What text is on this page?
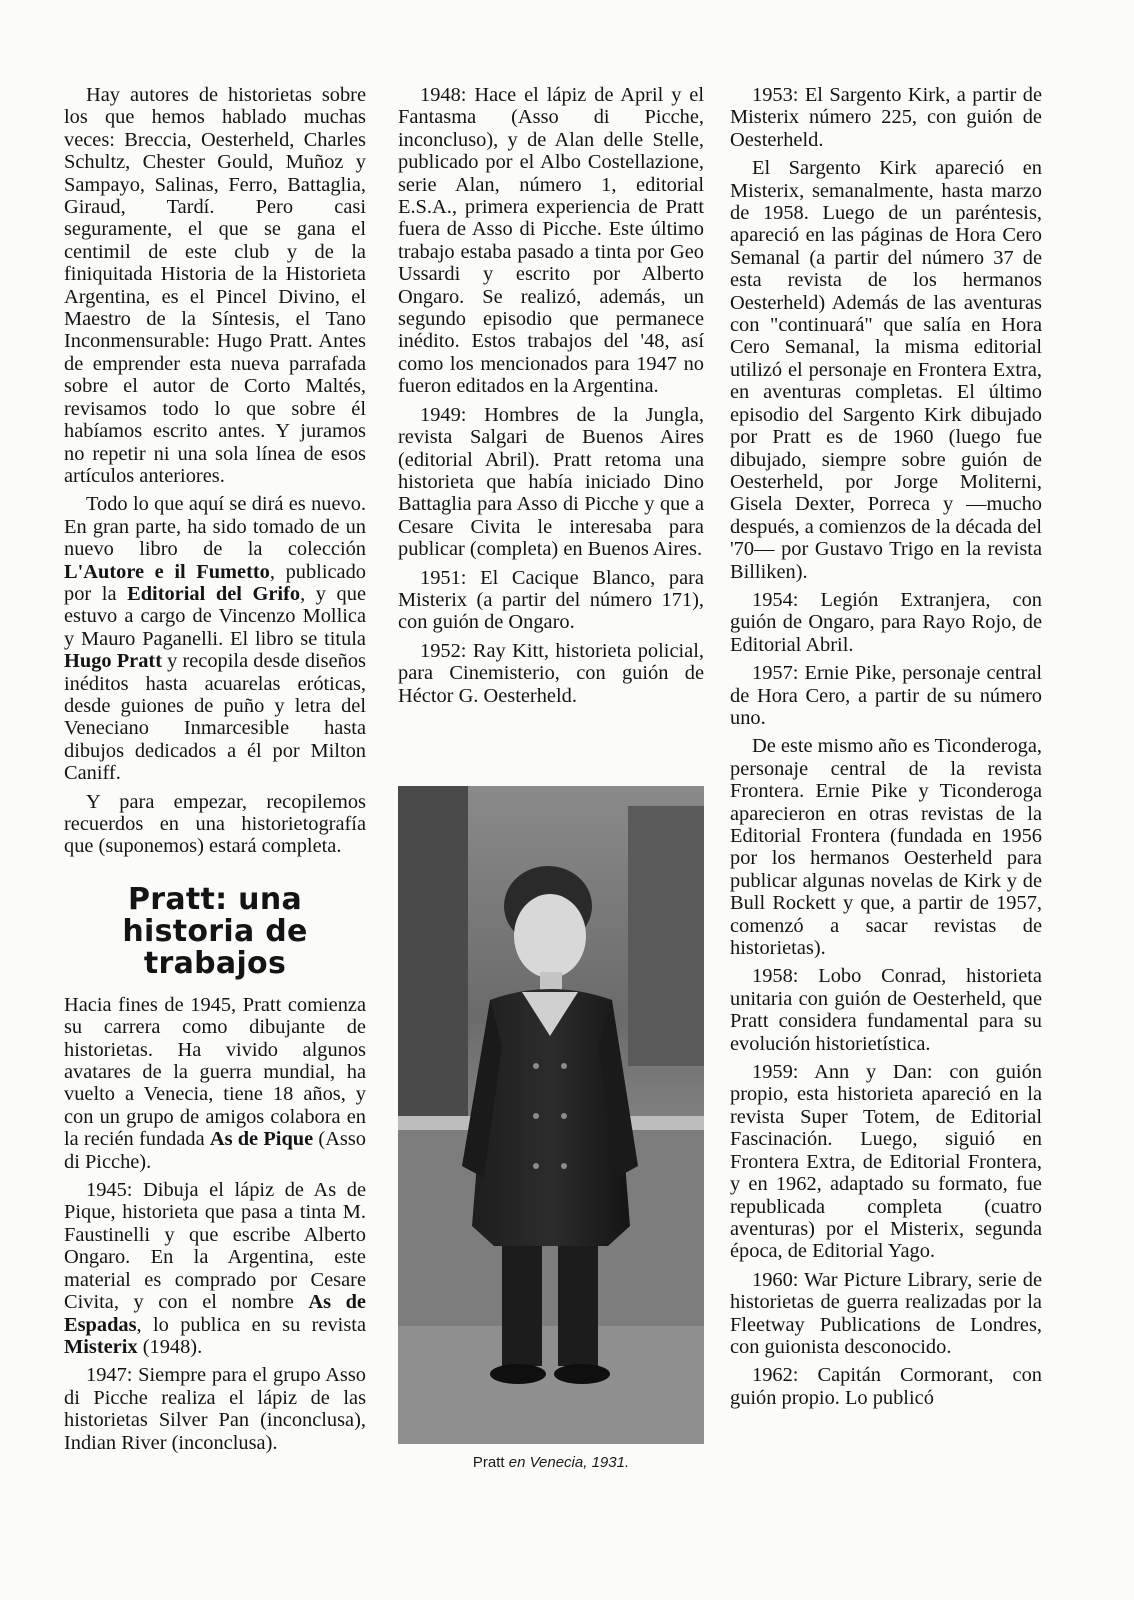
Hay autores de historietas sobre los que hemos hablado muchas veces: Breccia, Oesterheld, Charles Schultz, Chester Gould, Muñoz y Sampayo, Salinas, Ferro, Battaglia, Giraud, Tardí. Pero casi seguramente, el que se gana el centimil de este club y de la finiquitada Historia de la Historieta Argentina, es el Pincel Divino, el Maestro de la Síntesis, el Tano Inconmensurable: Hugo Pratt. Antes de emprender esta nueva parrafada sobre el autor de Corto Maltés, revisamos todo lo que sobre él habíamos escrito antes. Y juramos no repetir ni una sola línea de esos artículos anteriores.

Todo lo que aquí se dirá es nuevo. En gran parte, ha sido tomado de un nuevo libro de la colección L'Autore e il Fumetto, publicado por la Editorial del Grifo, y que estuvo a cargo de Vincenzo Mollica y Mauro Paganelli. El libro se titula Hugo Pratt y recopila desde diseños inéditos hasta acuarelas eróticas, desde guiones de puño y letra del Veneciano Inmarcesible hasta dibujos dedicados a él por Milton Caniff.

Y para empezar, recopilemos recuerdos en una historietografía que (suponemos) estará completa.

Pratt: una historia de trabajos

Hacia fines de 1945, Pratt comienza su carrera como dibujante de historietas. Ha vivido algunos avatares de la guerra mundial, ha vuelto a Venecia, tiene 18 años, y con un grupo de amigos colabora en la recién fundada As de Pique (Asso di Picche).

1945: Dibuja el lápiz de As de Pique, historieta que pasa a tinta M. Faustinelli y que escribe Alberto Ongaro. En la Argentina, este material es comprado por Cesare Civita, y con el nombre As de Espadas, lo publica en su revista Misterix (1948).

1947: Siempre para el grupo Asso di Picche realiza el lápiz de las historietas Silver Pan (inconclusa), Indian River (inconclusa).

1948: Hace el lápiz de April y el Fantasma (Asso di Picche, inconcluso), y de Alan delle Stelle, publicado por el Albo Costellazione, serie Alan, número 1, editorial E.S.A., primera experiencia de Pratt fuera de Asso di Picche. Este último trabajo estaba pasado a tinta por Geo Ussardi y escrito por Alberto Ongaro. Se realizó, además, un segundo episodio que permanece inédito. Estos trabajos del '48, así como los mencionados para 1947 no fueron editados en la Argentina.

1949: Hombres de la Jungla, revista Salgari de Buenos Aires (editorial Abril). Pratt retoma una historieta que había iniciado Dino Battaglia para Asso di Picche y que a Cesare Civita le interesaba para publicar (completa) en Buenos Aires.

1951: El Cacique Blanco, para Misterix (a partir del número 171), con guión de Ongaro.

1952: Ray Kitt, historieta policial, para Cinemisterio, con guión de Héctor G. Oesterheld.

Pratt en Venecia, 1931.

1953: El Sargento Kirk, a partir de Misterix número 225, con guión de Oesterheld.

El Sargento Kirk apareció en Misterix, semanalmente, hasta marzo de 1958. Luego de un paréntesis, apareció en las páginas de Hora Cero Semanal (a partir del número 37 de esta revista de los hermanos Oesterheld) Además de las aventuras con "continuará" que salía en Hora Cero Semanal, la misma editorial utilizó el personaje en Frontera Extra, en aventuras completas. El último episodio del Sargento Kirk dibujado por Pratt es de 1960 (luego fue dibujado, siempre sobre guión de Oesterheld, por Jorge Moliterni, Gisela Dexter, Porreca y —mucho después, a comienzos de la década del '70— por Gustavo Trigo en la revista Billiken).

1954: Legión Extranjera, con guión de Ongaro, para Rayo Rojo, de Editorial Abril.

1957: Ernie Pike, personaje central de Hora Cero, a partir de su número uno.

De este mismo año es Ticonderoga, personaje central de la revista Frontera. Ernie Pike y Ticonderoga aparecieron en otras revistas de la Editorial Frontera (fundada en 1956 por los hermanos Oesterheld para publicar algunas novelas de Kirk y de Bull Rockett y que, a partir de 1957, comenzó a sacar revistas de historietas).

1958: Lobo Conrad, historieta unitaria con guión de Oesterheld, que Pratt considera fundamental para su evolución historietística.

1959: Ann y Dan: con guión propio, esta historieta apareció en la revista Super Totem, de Editorial Fascinación. Luego, siguió en Frontera Extra, de Editorial Frontera, y en 1962, adaptado su formato, fue republicada completa (cuatro aventuras) por el Misterix, segunda época, de Editorial Yago.

1960: War Picture Library, serie de historietas de guerra realizadas por la Fleetway Publications de Londres, con guionista desconocido.

1962: Capitán Cormorant, con guión propio. Lo publicó
